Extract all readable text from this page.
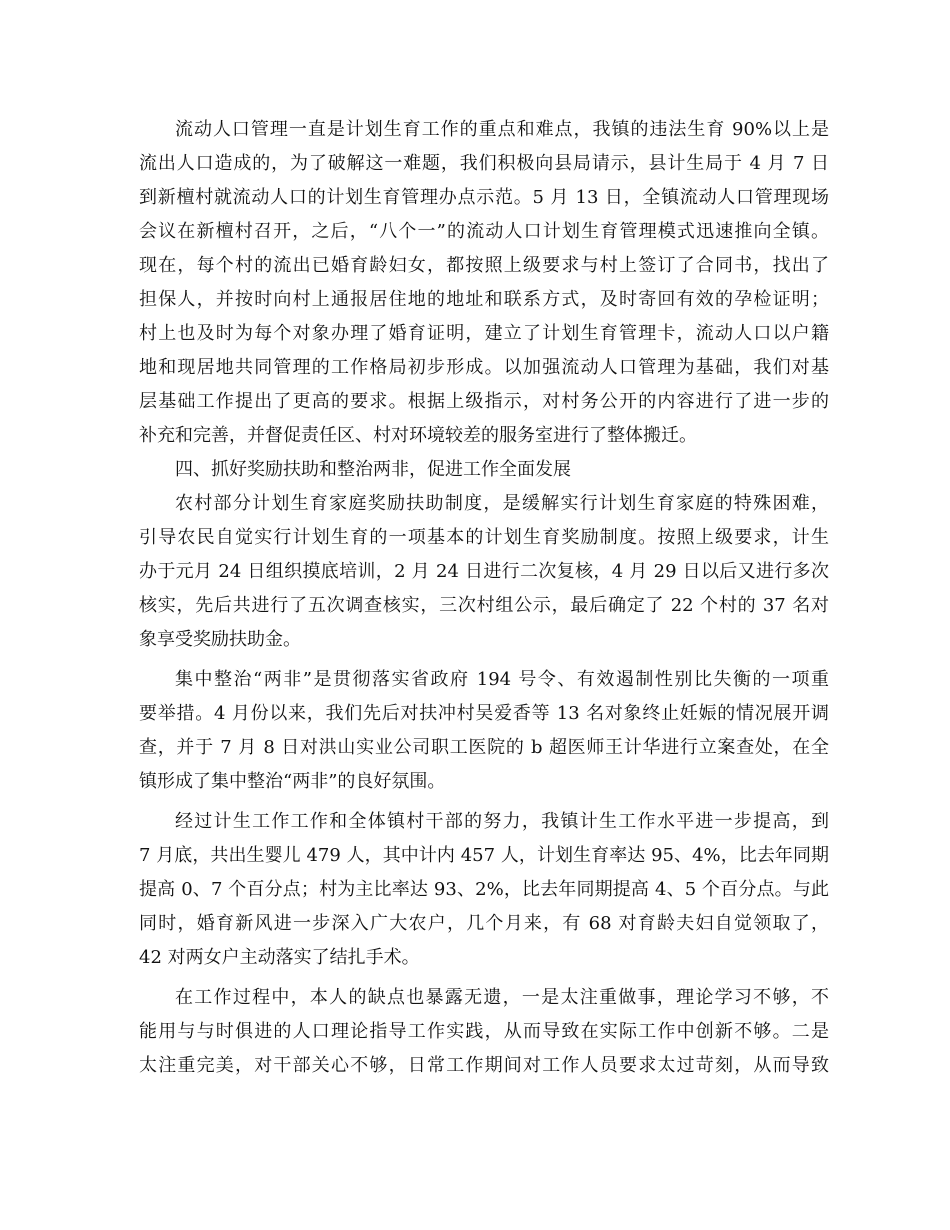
流动人口管理一直是计划生育工作的重点和难点，我镇的违法生育 90%以上是
流出人口造成的，为了破解这一难题，我们积极向县局请示，县计生局于 4 月 7 日
到新檀村就流动人口的计划生育管理办点示范。5 月 13 日，全镇流动人口管理现场
会议在新檀村召开，之后，“八个一”的流动人口计划生育管理模式迅速推向全镇。
现在，每个村的流出已婚育龄妇女，都按照上级要求与村上签订了合同书，找出了
担保人，并按时向村上通报居住地的地址和联系方式，及时寄回有效的孕检证明；
村上也及时为每个对象办理了婚育证明，建立了计划生育管理卡，流动人口以户籍
地和现居地共同管理的工作格局初步形成。以加强流动人口管理为基础，我们对基
层基础工作提出了更高的要求。根据上级指示，对村务公开的内容进行了进一步的
补充和完善，并督促责任区、村对环境较差的服务室进行了整体搬迁。
四、抓好奖励扶助和整治两非，促进工作全面发展
农村部分计划生育家庭奖励扶助制度，是缓解实行计划生育家庭的特殊困难，
引导农民自觉实行计划生育的一项基本的计划生育奖励制度。按照上级要求，计生
办于元月 24 日组织摸底培训，2 月 24 日进行二次复核，4 月 29 日以后又进行多次
核实，先后共进行了五次调查核实，三次村组公示，最后确定了 22 个村的 37 名对
象享受奖励扶助金。
集中整治“两非”是贯彻落实省政府 194 号令、有效遏制性别比失衡的一项重
要举措。4 月份以来，我们先后对扶冲村吴爱香等 13 名对象终止妊娠的情况展开调
查，并于 7 月 8 日对洪山实业公司职工医院的 b 超医师王计华进行立案查处，在全
镇形成了集中整治“两非”的良好氛围。
经过计生工作工作和全体镇村干部的努力，我镇计生工作水平进一步提高，到
7 月底，共出生婴儿 479 人，其中计内 457 人，计划生育率达 95、4%，比去年同期
提高 0、7 个百分点；村为主比率达 93、2%，比去年同期提高 4、5 个百分点。与此
同时，婚育新风进一步深入广大农户，几个月来，有 68 对育龄夫妇自觉领取了，
42 对两女户主动落实了结扎手术。
在工作过程中，本人的缺点也暴露无遗，一是太注重做事，理论学习不够，不
能用与与时俱进的人口理论指导工作实践，从而导致在实际工作中创新不够。二是
太注重完美，对干部关心不够，日常工作期间对工作人员要求太过苛刻，从而导致
